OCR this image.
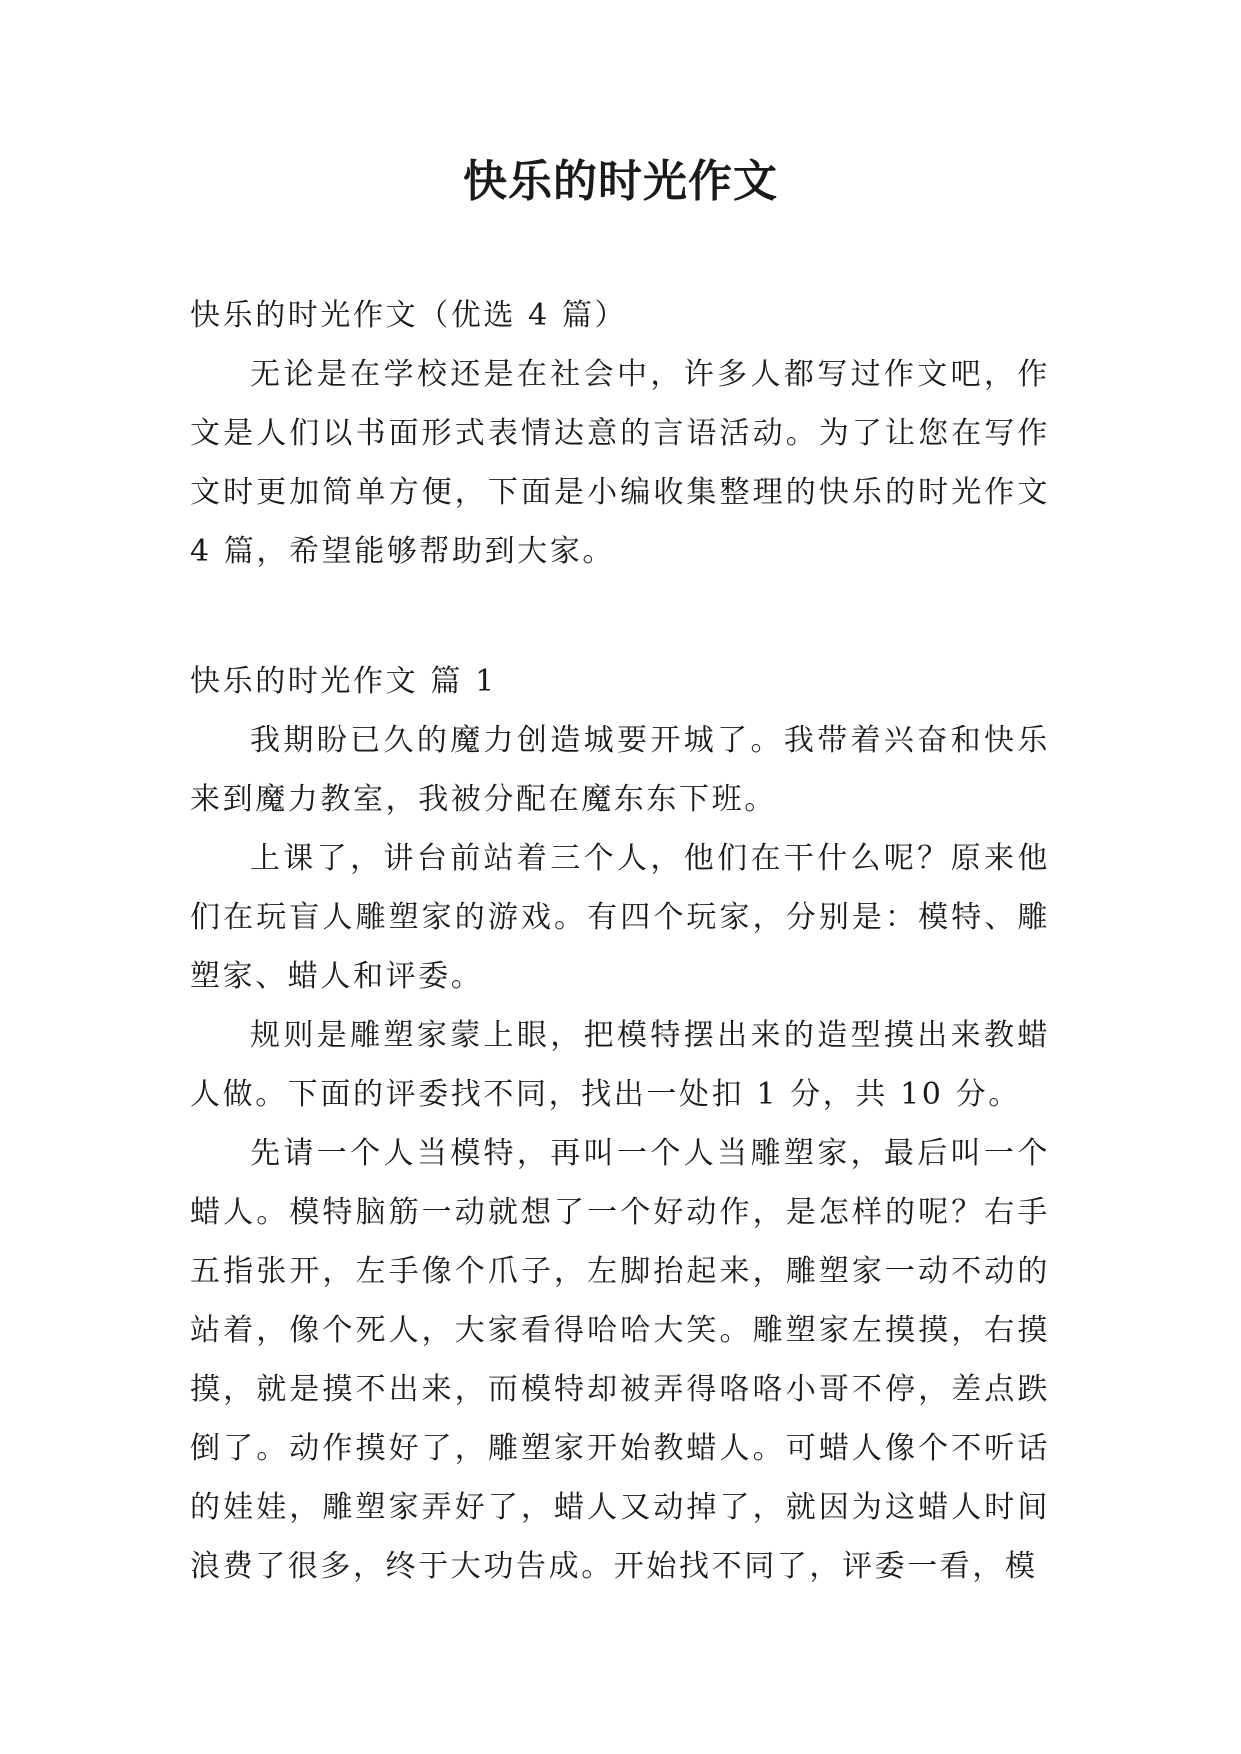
快乐的时光作文

快乐的时光作文（优选 4 篇）

无论是在学校还是在社会中，许多人都写过作文吧，作文是人们以书面形式表情达意的言语活动。为了让您在写作文时更加简单方便，下面是小编收集整理的快乐的时光作文 4 篇，希望能够帮助到大家。

快乐的时光作文 篇 1

我期盼已久的魔力创造城要开城了。我带着兴奋和快乐来到魔力教室，我被分配在魔东东下班。

上课了，讲台前站着三个人，他们在干什么呢？原来他们在玩盲人雕塑家的游戏。有四个玩家，分别是：模特、雕塑家、蜡人和评委。

规则是雕塑家蒙上眼，把模特摆出来的造型摸出来教蜡人做。下面的评委找不同，找出一处扣 1 分，共 10 分。

先请一个人当模特，再叫一个人当雕塑家，最后叫一个蜡人。模特脑筋一动就想了一个好动作，是怎样的呢？右手五指张开，左手像个爪子，左脚抬起来，雕塑家一动不动的站着，像个死人，大家看得哈哈大笑。雕塑家左摸摸，右摸摸，就是摸不出来，而模特却被弄得咯咯小哥不停，差点跌倒了。动作摸好了，雕塑家开始教蜡人。可蜡人像个不听话的娃娃，雕塑家弄好了，蜡人又动掉了，就因为这蜡人时间浪费了很多，终于大功告成。开始找不同了，评委一看，模
